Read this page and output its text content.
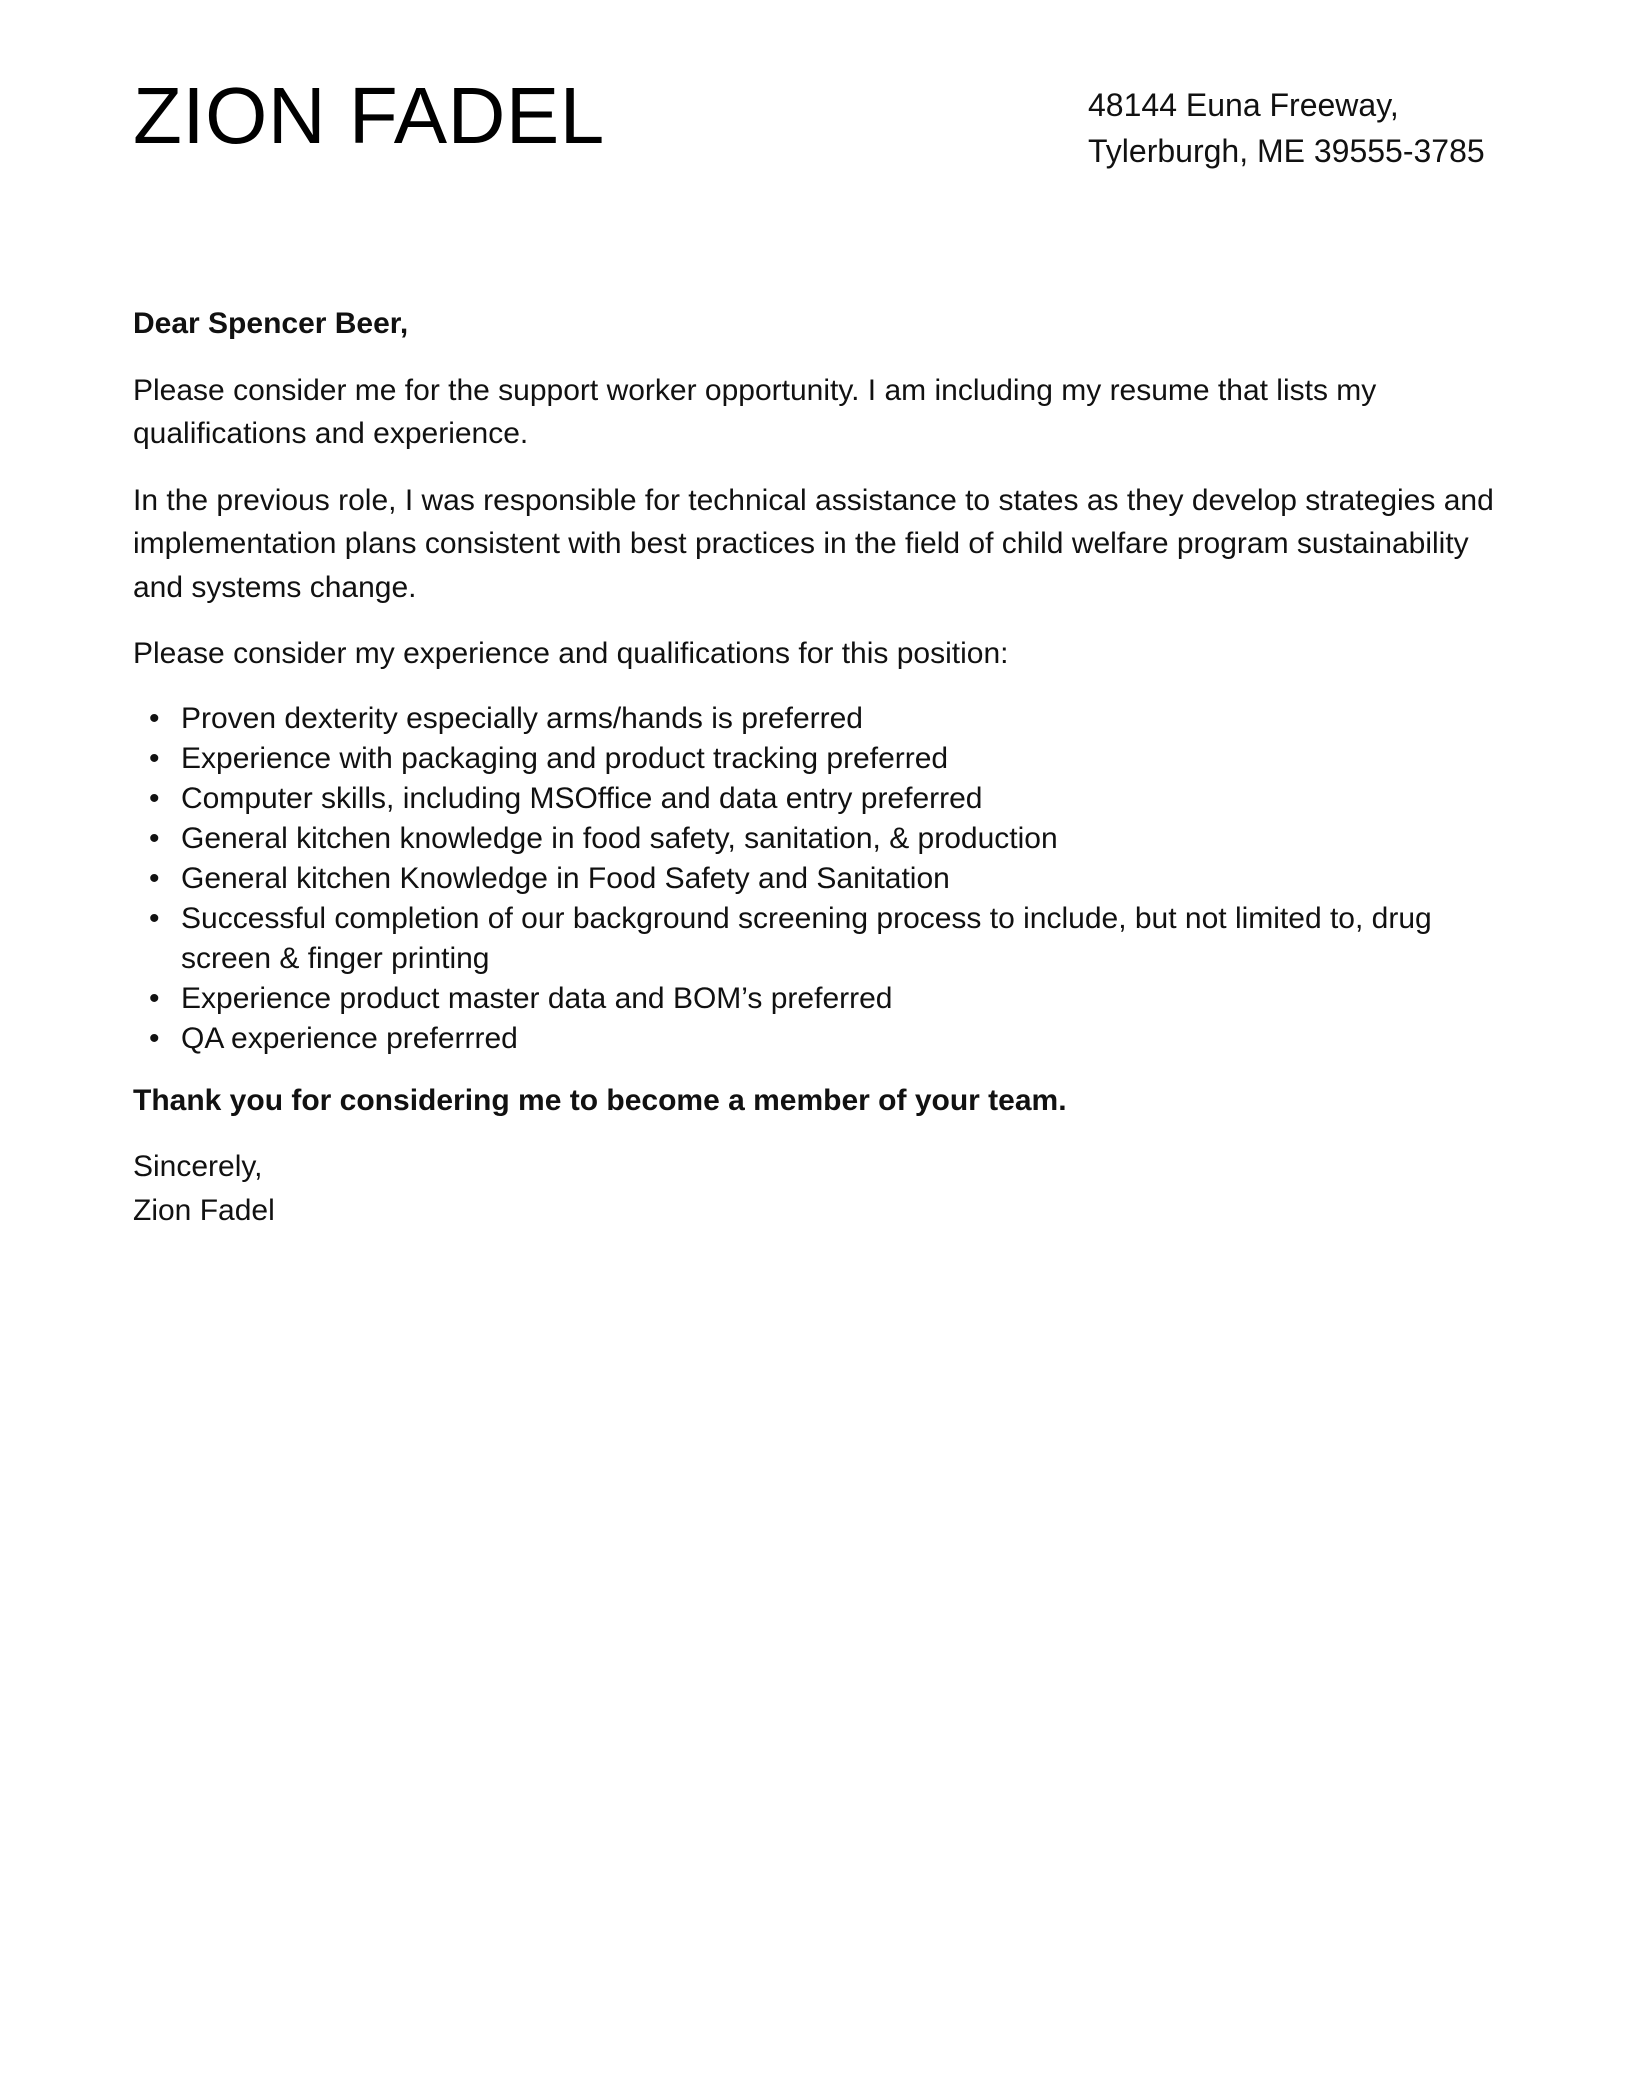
ZION FADEL	48144 Euna Freeway,
Tylerburgh, ME 39555-3785

Dear Spencer Beer,

Please consider me for the support worker opportunity. I am including my resume that lists my qualifications and experience.

In the previous role, I was responsible for technical assistance to states as they develop strategies and implementation plans consistent with best practices in the field of child welfare program sustainability and systems change.

Please consider my experience and qualifications for this position:

• Proven dexterity especially arms/hands is preferred
• Experience with packaging and product tracking preferred
• Computer skills, including MSOffice and data entry preferred
• General kitchen knowledge in food safety, sanitation, & production
• General kitchen Knowledge in Food Safety and Sanitation
• Successful completion of our background screening process to include, but not limited to, drug screen & finger printing
• Experience product master data and BOM’s preferred
• QA experience preferrred

Thank you for considering me to become a member of your team.

Sincerely,

Zion Fadel
